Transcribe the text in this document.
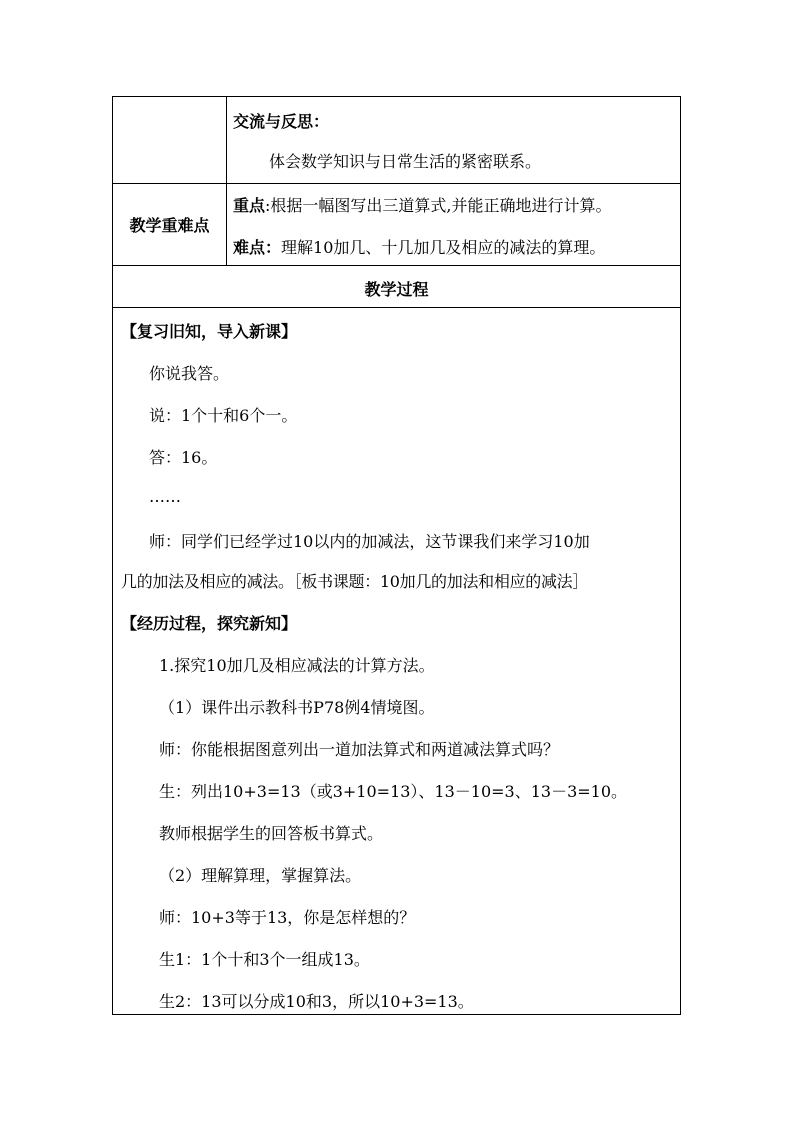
交流与反思：
体会数学知识与日常生活的紧密联系。
教学重难点
重点:根据一幅图写出三道算式,并能正确地进行计算。
难点：理解10加几、十几加几及相应的减法的算理。
教学过程
【复习旧知，导入新课】
你说我答。
说：1个十和6个一。
答：16。
……
师：同学们已经学过10以内的加减法，这节课我们来学习10加
几的加法及相应的减法。［板书课题：10加几的加法和相应的减法］
【经历过程，探究新知】
1.探究10加几及相应减法的计算方法。
（1）课件出示教科书P78例4情境图。
师：你能根据图意列出一道加法算式和两道减法算式吗？
生：列出10+3=13（或3+10=13）、13－10=3、13－3=10。
教师根据学生的回答板书算式。
（2）理解算理，掌握算法。
师：10+3等于13，你是怎样想的？
生1：1个十和3个一组成13。
生2：13可以分成10和3，所以10+3=13。
